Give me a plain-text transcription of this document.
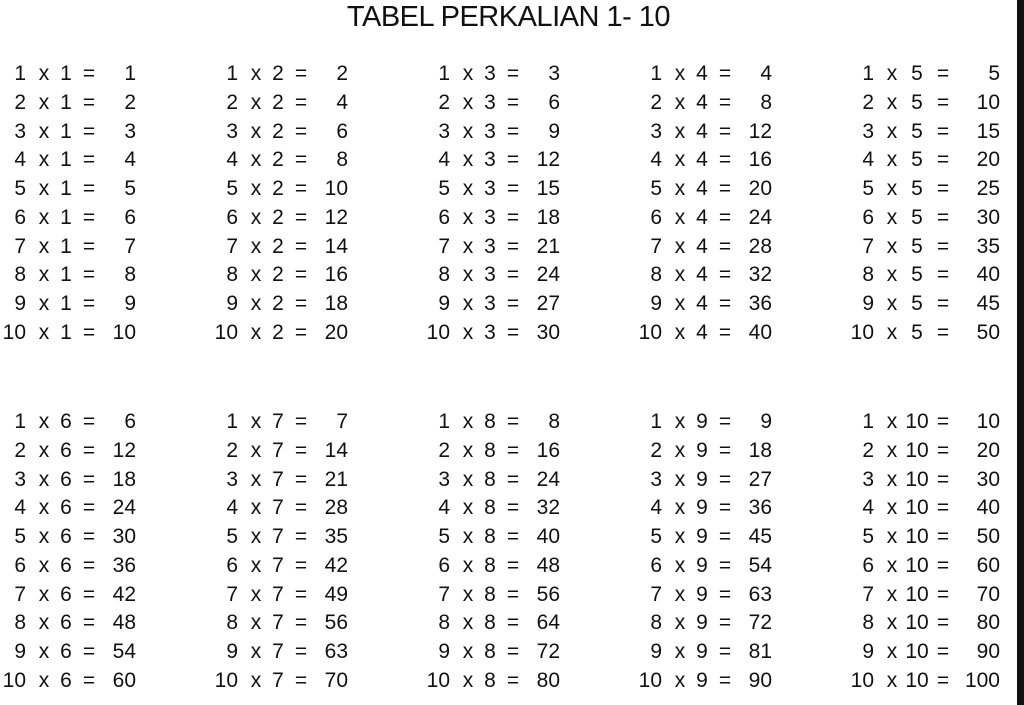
TABEL PERKALIAN 1- 10
1 x 1 =	1
2 x 1 =	2
3 x 1 =	3
4 x 1 =	4
5 x 1 =	5
6 x 1 =	6
7 x 1 =	7
8 x 1 =	8
9 x 1 =	9
10 x 1 = 10
1 x 2 =	2
2 x 2 =	4
3 x 2 =	6
4 x 2 =	8
5 x 2 = 10
6 x 2 = 12
7 x 2 = 14
8 x 2 = 16
9 x 2 = 18
10 x 2 = 20
1 x 3 =	3
2 x 3 =	6
3 x 3 =	9
4 x 3 = 12
5 x 3 = 15
6 x 3 = 18
7 x 3 = 21
8 x 3 = 24
9 x 3 = 27
10 x 3 = 30
1 x 4 =	4
2 x 4 =	8
3 x 4 = 12
4 x 4 = 16
5 x 4 = 20
6 x 4 = 24
7 x 4 = 28
8 x 4 = 32
9 x 4 = 36
10 x 4 = 40
1 x 5 =	5
2 x 5 =	10
3 x 5 =	15
4 x 5 =	20
5 x 5 =	25
6 x 5 =	30
7 x 5 =	35
8 x 5 =	40
9 x 5 =	45
10 x 5 =	50
1 x 6 =	6
2 x 6 = 12
3 x 6 = 18
4 x 6 = 24
5 x 6 = 30
6 x 6 = 36
7 x 6 = 42
8 x 6 = 48
9 x 6 = 54
10 x 6 = 60
1 x 7 =	7
2 x 7 = 14
3 x 7 = 21
4 x 7 = 28
5 x 7 = 35
6 x 7 = 42
7 x 7 = 49
8 x 7 = 56
9 x 7 = 63
10 x 7 = 70
1 x 8 =	8
2 x 8 = 16
3 x 8 = 24
4 x 8 = 32
5 x 8 = 40
6 x 8 = 48
7 x 8 = 56
8 x 8 = 64
9 x 8 = 72
10 x 8 = 80
1 x 9 =	9
2 x 9 = 18
3 x 9 = 27
4 x 9 = 36
5 x 9 = 45
6 x 9 = 54
7 x 9 = 63
8 x 9 = 72
9 x 9 = 81
10 x 9 = 90
1 x 10 =	10
2 x 10 =	20
3 x 10 =	30
4 x 10 =	40
5 x 10 =	50
6 x 10 =	60
7 x 10 =	70
8 x 10 =	80
9 x 10 =	90
10 x 10 = 100
